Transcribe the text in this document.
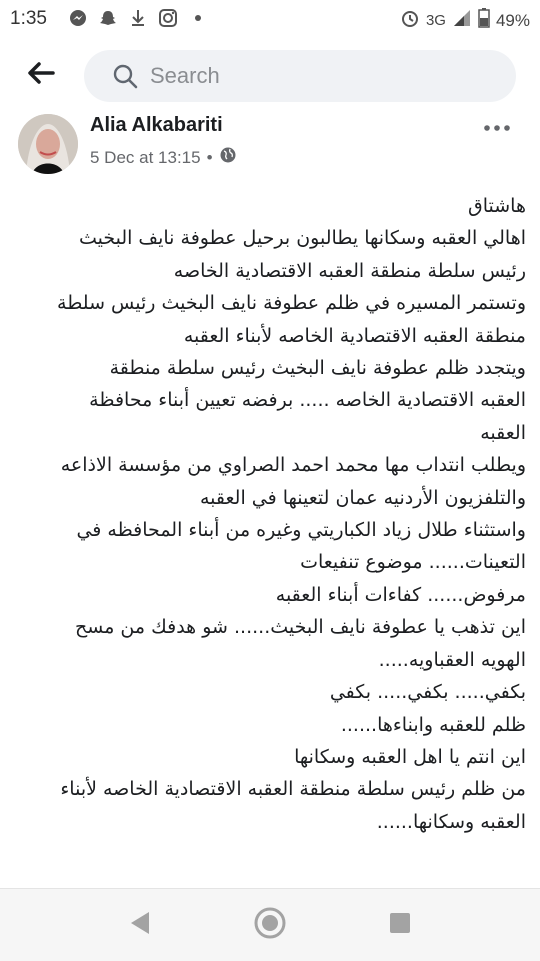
1:35	3G	49%
Search
Alia Alkabariti
5 Dec at 13:15 •
هاشتاق
اهالي العقبه وسكانها يطالبون برحيل عطوفة نايف البخيث
رئيس سلطة منطقة العقبه الاقتصادية الخاصه
وتستمر المسيره في ظلم عطوفة نايف البخيث رئيس سلطة
منطقة العقبه الاقتصادية الخاصه لأبناء العقبه
ويتجدد ظلم عطوفة نايف البخيث رئيس سلطة منطقة
العقبه الاقتصادية الخاصه ..... برفضه تعيين أبناء محافظة
العقبه
ويطلب انتداب مها محمد احمد الصراوي من مؤسسة الاذاعه
والتلفزيون الأردنيه عمان لتعينها في العقبه
واستثناء طلال زياد الكباريتي وغيره من أبناء المحافظه في
التعينات...... موضوع تنفيعات
مرفوض...... كفاءات أبناء العقبه
اين تذهب يا عطوفة نايف البخيث...... شو هدفك من مسح
الهويه العقباويه.....
بكفي..... بكفي..... بكفي
ظلم للعقبه وابناءها......
اين انتم يا اهل العقبه وسكانها
من ظلم رئيس سلطة منطقة العقبه الاقتصادية الخاصه لأبناء
العقبه وسكانها......
